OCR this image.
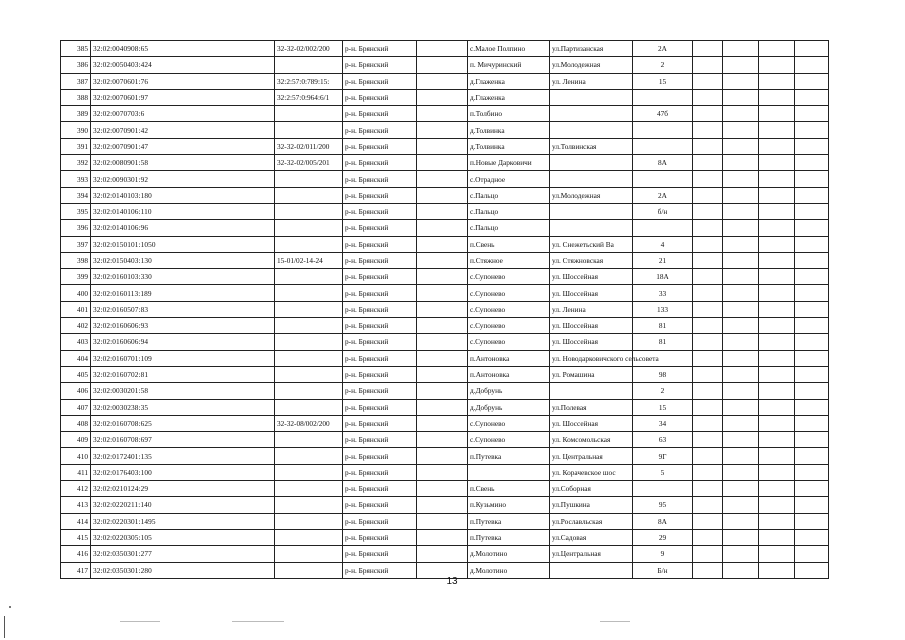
385	32:02:0040908:65	32-32-02/002/200	р-н. Брянский		с.Малое Полпино	ул.Партизанская	2А				
386	32:02:0050403:424		р-н. Брянский		п. Мичуринский	ул.Молодежная	2				
387	32:02:0070601:76	32:2:57:0:789:15:	р-н. Брянский		д.Глаженка	ул. Ленина	15				
388	32:02:0070601:97	32:2:57:0:964:6/1	р-н. Брянский		д.Глаженка						
389	32:02:0070703:6		р-н. Брянский		п.Толбино		47б				
390	32:02:0070901:42		р-н. Брянский		д.Толвинка						
391	32:02:0070901:47	32-32-02/011/200	р-н. Брянский		д.Толвинка	ул.Толвинская					
392	32:02:0080901:58	32-32-02/005/201	р-н. Брянский		п.Новые Дарковичи		8А				
393	32:02:0090301:92		р-н. Брянский		с.Отрадное						
394	32:02:0140103:180		р-н. Брянский		с.Пальцо	ул.Молодежная	2А				
395	32:02:0140106:110		р-н. Брянский		с.Пальцо		б/н				
396	32:02:0140106:96		р-н. Брянский		с.Пальцо						
397	32:02:0150101:1050		р-н. Брянский		п.Свень	ул. Снежетьский Ва	4				
398	32:02:0150403:130	15-01/02-14-24	р-н. Брянский		п.Стяжное	ул. Стяжновская	21				
399	32:02:0160103:330		р-н. Брянский		с.Супонево	ул. Шоссейная	18А				
400	32:02:0160113:189		р-н. Брянский		с.Супонево	ул. Шоссейная	33				
401	32:02:0160507:83		р-н. Брянский		с.Супонево	ул. Ленина	133				
402	32:02:0160606:93		р-н. Брянский		с.Супонево	ул. Шоссейная	81				
403	32:02:0160606:94		р-н. Брянский		с.Супонево	ул. Шоссейная	81				
404	32:02:0160701:109		р-н. Брянский		п.Антоновка	ул. Новодарковичского сельсовета					
405	32:02:0160702:81		р-н. Брянский		п.Антоновка	ул. Ромашина	98				
406	32:02:0030201:58		р-н. Брянский		д.Добрунь		2				
407	32:02:0030238:35		р-н. Брянский		д.Добрунь	ул.Полевая	15				
408	32:02:0160708:625	32-32-08/002/200	р-н. Брянский		с.Супонево	ул. Шоссейная	34				
409	32:02:0160708:697		р-н. Брянский		с.Супонево	ул. Комсомольская	63				
410	32:02:0172401:135		р-н. Брянский		п.Путевка	ул. Центральная	9Г				
411	32:02:0176403:100		р-н. Брянский			ул. Корачевское шос	5				
412	32:02:0210124:29		р-н. Брянский		п.Свень	ул.Соборная					
413	32:02:0220211:140		р-н. Брянский		п.Кузьмино	ул.Пушкина	95				
414	32:02:0220301:1495		р-н. Брянский		п.Путевка	ул.Рославльская	8А				
415	32:02:0220305:105		р-н. Брянский		п.Путевка	ул.Садовая	29				
416	32:02:0350301:277		р-н. Брянский		д.Молотино	ул.Центральная	9				
417	32:02:0350301:280		р-н. Брянский		д.Молотино		Б/н				
13
